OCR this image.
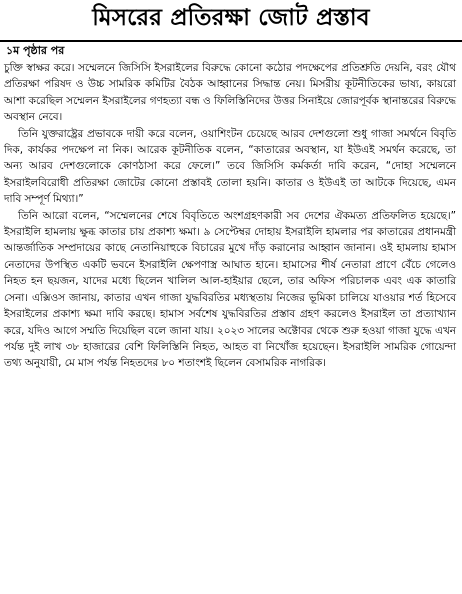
মিসরের প্রতিরক্ষা জোট প্রস্তাব
১ম পৃষ্ঠার পর

চুক্তি স্বাক্ষর করে। সম্মেলনে জিসিসি ইসরাইলের বিরুদ্ধে কোনো কঠোর পদক্ষেপের প্রতিশ্রুতি দেয়নি, বরং যৌথ প্রতিরক্ষা পরিষদ ও উচ্চ সামরিক কমিটির বৈঠক আহ্বানের সিদ্ধান্ত নেয়। মিসরীয় কূটনীতিকের ভাষ্য, কায়রো আশা করেছিল সম্মেলন ইসরাইলের গণহত্যা বন্ধ ও ফিলিস্তিনিদের উত্তর সিনাইয়ে জোরপূর্বক স্থানান্তরের বিরুদ্ধে অবস্থান নেবে।

তিনি যুক্তরাষ্ট্রের প্রভাবকে দায়ী করে বলেন, ওয়াশিংটন চেয়েছে আরব দেশগুলো শুধু গাজা সমর্থনে বিবৃতি দিক, কার্যকর পদক্ষেপ না নিক। আরেক কূটনীতিক বলেন, “কাতারের অবস্থান, যা ইউএই সমর্থন করেছে, তা অন্য আরব দেশগুলোকে কোণঠাসা করে ফেলে।” তবে জিসিসি কর্মকর্তা দাবি করেন, “দোহা সম্মেলনে ইসরাইলবিরোধী প্রতিরক্ষা জোটের কোনো প্রস্তাবই তোলা হয়নি। কাতার ও ইউএই তা আটকে দিয়েছে, এমন দাবি সম্পূর্ণ মিথ্যা।”

তিনি আরো বলেন, “সম্মেলনের শেষে বিবৃতিতে অংশগ্রহণকারী সব দেশের ঐকমত্য প্রতিফলিত হয়েছে।” ইসরাইলি হামলায় ক্ষুব্ধ কাতার চায় প্রকাশ্য ক্ষমা। ৯ সেপ্টেম্বর দোহায় ইসরাইলি হামলার পর কাতারের প্রধানমন্ত্রী আন্তর্জাতিক সম্প্রদায়ের কাছে নেতানিয়াহুকে বিচারের মুখে দাঁড় করানোর আহ্বান জানান। ওই হামলায় হামাস নেতাদের উপস্থিত একটি ভবনে ইসরাইলি ক্ষেপণাস্ত্র আঘাত হানে। হামাসের শীর্ষ নেতারা প্রাণে বেঁচে গেলেও নিহত হন ছয়জন, যাদের মধ্যে ছিলেন খালিল আল-হাইয়ার ছেলে, তার অফিস পরিচালক এবং এক কাতারি সেনা। এক্সিওস জানায়, কাতার এখন গাজা যুদ্ধবিরতির মধ্যস্থতায় নিজের ভূমিকা চালিয়ে যাওয়ার শর্ত হিসেবে ইসরাইলের প্রকাশ্য ক্ষমা দাবি করছে। হামাস সর্বশেষ যুদ্ধবিরতির প্রস্তাব গ্রহণ করলেও ইসরাইল তা প্রত্যাখ্যান করে, যদিও আগে সম্মতি দিয়েছিল বলে জানা যায়। ২০২৩ সালের অক্টোবর থেকে শুরু হওয়া গাজা যুদ্ধে এখন পর্যন্ত দুই লাখ ৩৮ হাজারের বেশি ফিলিস্তিনি নিহত, আহত বা নিখোঁজ হয়েছেন। ইসরাইলি সামরিক গোয়েন্দা তথ্য অনুযায়ী, মে মাস পর্যন্ত নিহতদের ৮০ শতাংশই ছিলেন বেসামরিক নাগরিক।
